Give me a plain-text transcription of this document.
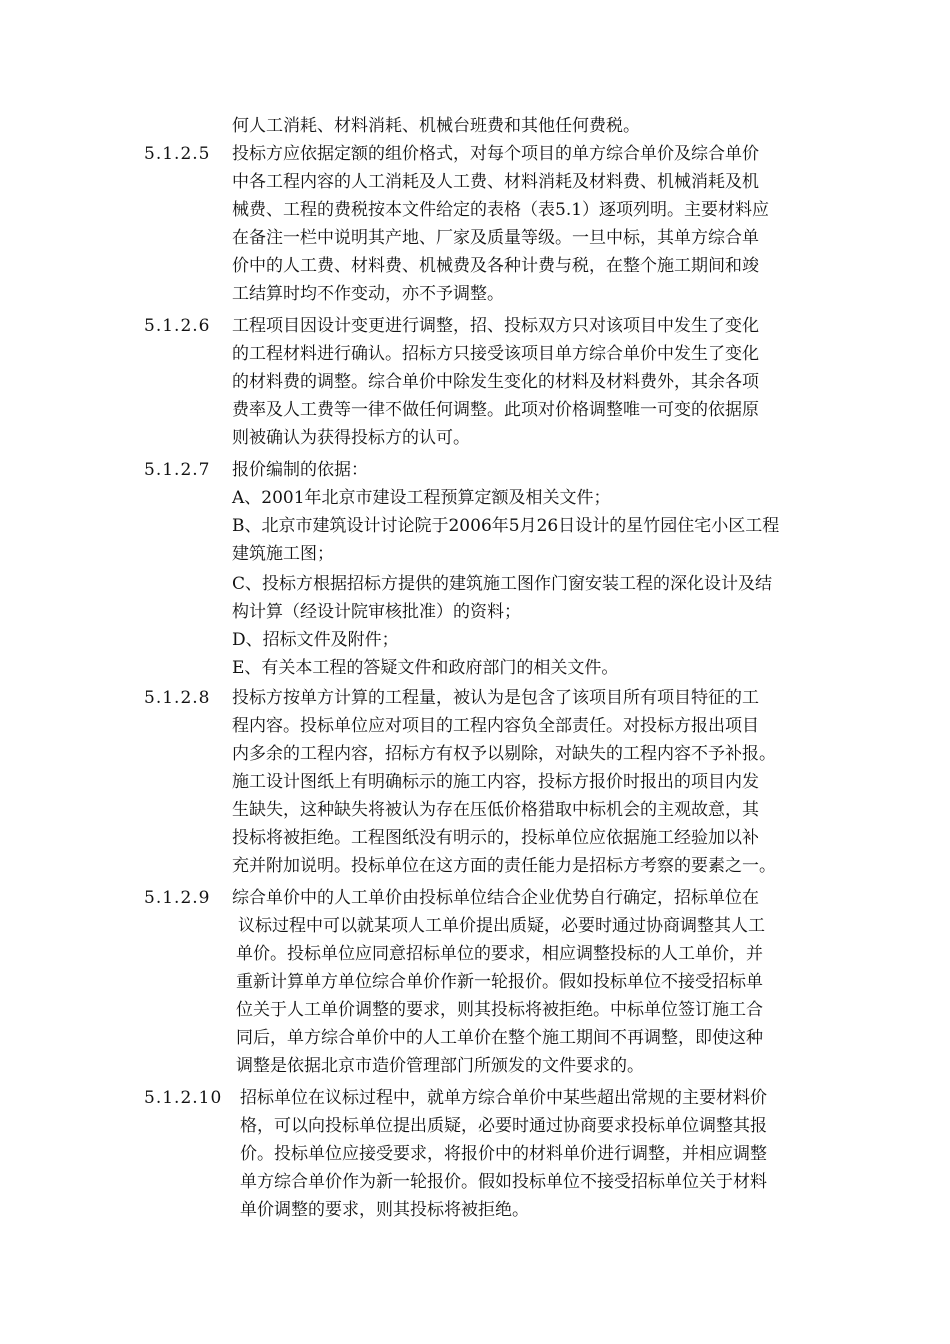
何人工消耗、材料消耗、机械台班费和其他任何费税。
5.1.2.5 投标方应依据定额的组价格式，对每个项目的单方综合单价及综合单价
中各工程内容的人工消耗及人工费、材料消耗及材料费、机械消耗及机
械费、工程的费税按本文件给定的表格（表5.1）逐项列明。主要材料应
在备注一栏中说明其产地、厂家及质量等级。一旦中标，其单方综合单
价中的人工费、材料费、机械费及各种计费与税，在整个施工期间和竣
工结算时均不作变动，亦不予调整。
5.1.2.6 工程项目因设计变更进行调整，招、投标双方只对该项目中发生了变化
的工程材料进行确认。招标方只接受该项目单方综合单价中发生了变化
的材料费的调整。综合单价中除发生变化的材料及材料费外，其余各项
费率及人工费等一律不做任何调整。此项对价格调整唯一可变的依据原
则被确认为获得投标方的认可。
5.1.2.7 报价编制的依据：
A、2001年北京市建设工程预算定额及相关文件；
B、北京市建筑设计讨论院于2006年5月26日设计的星竹园住宅小区工程
建筑施工图；
C、投标方根据招标方提供的建筑施工图作门窗安装工程的深化设计及结
构计算（经设计院审核批准）的资料；
D、招标文件及附件；
E、有关本工程的答疑文件和政府部门的相关文件。
5.1.2.8 投标方按单方计算的工程量，被认为是包含了该项目所有项目特征的工
程内容。投标单位应对项目的工程内容负全部责任。对投标方报出项目
内多余的工程内容，招标方有权予以剔除，对缺失的工程内容不予补报。
施工设计图纸上有明确标示的施工内容，投标方报价时报出的项目内发
生缺失，这种缺失将被认为存在压低价格猎取中标机会的主观故意，其
投标将被拒绝。工程图纸没有明示的，投标单位应依据施工经验加以补
充并附加说明。投标单位在这方面的责任能力是招标方考察的要素之一。
5.1.2.9 综合单价中的人工单价由投标单位结合企业优势自行确定，招标单位在
议标过程中可以就某项人工单价提出质疑，必要时通过协商调整其人工
单价。投标单位应同意招标单位的要求，相应调整投标的人工单价，并
重新计算单方单位综合单价作新一轮报价。假如投标单位不接受招标单
位关于人工单价调整的要求，则其投标将被拒绝。中标单位签订施工合
同后，单方综合单价中的人工单价在整个施工期间不再调整，即使这种
调整是依据北京市造价管理部门所颁发的文件要求的。
5.1.2.10 招标单位在议标过程中，就单方综合单价中某些超出常规的主要材料价
格，可以向投标单位提出质疑，必要时通过协商要求投标单位调整其报
价。投标单位应接受要求，将报价中的材料单价进行调整，并相应调整
单方综合单价作为新一轮报价。假如投标单位不接受招标单位关于材料
单价调整的要求，则其投标将被拒绝。
